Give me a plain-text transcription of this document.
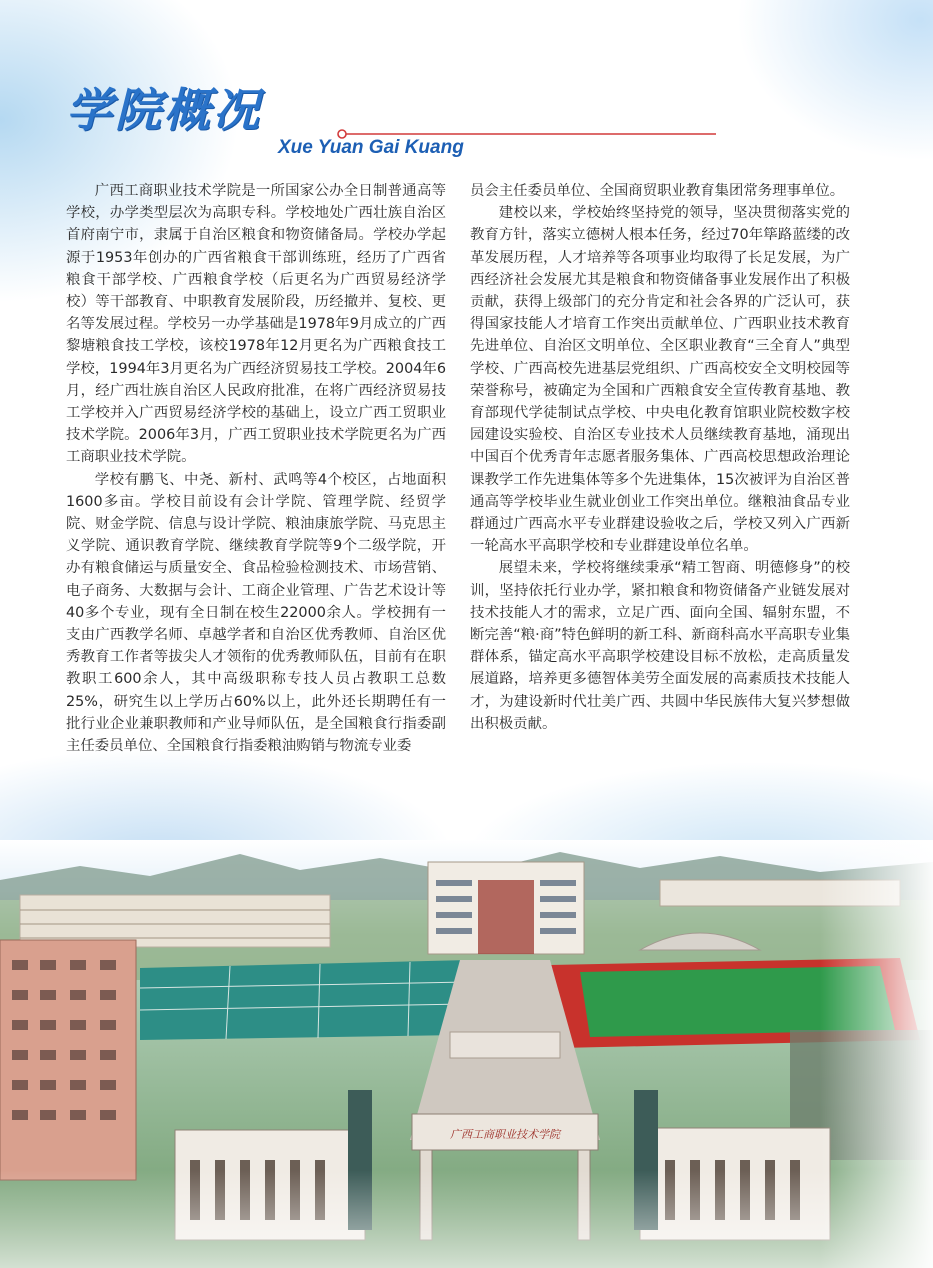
学院概况
Xue Yuan Gai Kuang

广西工商职业技术学院是一所国家公办全日制普通高等学校，办学类型层次为高职专科。学校地处广西壮族自治区首府南宁市，隶属于自治区粮食和物资储备局。学校办学起源于1953年创办的广西省粮食干部训练班，经历了广西省粮食干部学校、广西粮食学校（后更名为广西贸易经济学校）等干部教育、中职教育发展阶段，历经撤并、复校、更名等发展过程。学校另一办学基础是1978年9月成立的广西黎塘粮食技工学校，该校1978年12月更名为广西粮食技工学校，1994年3月更名为广西经济贸易技工学校。2004年6月，经广西壮族自治区人民政府批准，在将广西经济贸易技工学校并入广西贸易经济学校的基础上，设立广西工贸职业技术学院。2006年3月，广西工贸职业技术学院更名为广西工商职业技术学院。

学校有鹏飞、中尧、新村、武鸣等4个校区，占地面积1600多亩。学校目前设有会计学院、管理学院、经贸学院、财金学院、信息与设计学院、粮油康旅学院、马克思主义学院、通识教育学院、继续教育学院等9个二级学院，开办有粮食储运与质量安全、食品检验检测技术、市场营销、电子商务、大数据与会计、工商企业管理、广告艺术设计等40多个专业，现有全日制在校生22000余人。学校拥有一支由广西教学名师、卓越学者和自治区优秀教师、自治区优秀教育工作者等拔尖人才领衔的优秀教师队伍，目前有在职教职工600余人，其中高级职称专技人员占教职工总数25%，研究生以上学历占60%以上，此外还长期聘任有一批行业企业兼职教师和产业导师队伍，是全国粮食行指委副主任委员单位、全国粮食行指委粮油购销与物流专业委

员会主任委员单位、全国商贸职业教育集团常务理事单位。

建校以来，学校始终坚持党的领导，坚决贯彻落实党的教育方针，落实立德树人根本任务，经过70年筚路蓝缕的改革发展历程，人才培养等各项事业均取得了长足发展，为广西经济社会发展尤其是粮食和物资储备事业发展作出了积极贡献，获得上级部门的充分肯定和社会各界的广泛认可，获得国家技能人才培育工作突出贡献单位、广西职业技术教育先进单位、自治区文明单位、全区职业教育“三全育人”典型学校、广西高校先进基层党组织、广西高校安全文明校园等荣誉称号，被确定为全国和广西粮食安全宣传教育基地、教育部现代学徒制试点学校、中央电化教育馆职业院校数字校园建设实验校、自治区专业技术人员继续教育基地，涌现出中国百个优秀青年志愿者服务集体、广西高校思想政治理论课教学工作先进集体等多个先进集体，15次被评为自治区普通高等学校毕业生就业创业工作突出单位。继粮油食品专业群通过广西高水平专业群建设验收之后，学校又列入广西新一轮高水平高职学校和专业群建设单位名单。

展望未来，学校将继续秉承“精工智商、明德修身”的校训，坚持依托行业办学，紧扣粮食和物资储备产业链发展对技术技能人才的需求，立足广西、面向全国、辐射东盟，不断完善“粮·商”特色鲜明的新工科、新商科高水平高职专业集群体系，锚定高水平高职学校建设目标不放松，走高质量发展道路，培养更多德智体美劳全面发展的高素质技术技能人才，为建设新时代壮美广西、共圆中华民族伟大复兴梦想做出积极贡献。

广西工商职业技术学院
